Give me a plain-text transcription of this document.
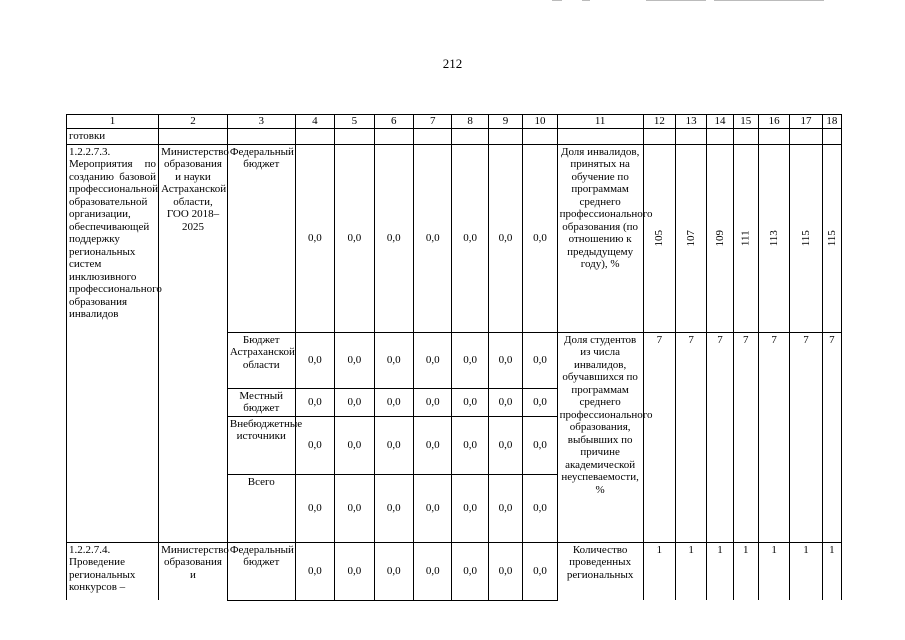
212
1	2	3	4	5	6	7	8	9	10	11	12	13	14	15	16	17	18
готовки																	
1.2.2.7.3. Мероприятия по созданию базовой профессиональной образовательной организации, обеспечивающей поддержку региональных систем инклюзивного профессионального образования инвалидов	Министерство образования и науки Астраханской области, ГОО 2018–2025	Федеральный бюджет	0,0	0,0	0,0	0,0	0,0	0,0	0,0	Доля инвалидов, принятых на обучение по программам среднего профессионального образования (по отношению к предыдущему году), %	105	107	109	111	113	115	115
		Бюджет Астраханской области	0,0	0,0	0,0	0,0	0,0	0,0	0,0	Доля студентов из числа инвалидов, обучавшихся по программам среднего профессионального образования, выбывших по причине академической неуспеваемости, %	7	7	7	7	7	7	7
		Местный бюджет	0,0	0,0	0,0	0,0	0,0	0,0	0,0								
		Внебюджетные источники	0,0	0,0	0,0	0,0	0,0	0,0	0,0								
		Всего	0,0	0,0	0,0	0,0	0,0	0,0	0,0								
1.2.2.7.4. Проведение региональных конкурсов –	Министерство образования и	Федеральный бюджет	0,0	0,0	0,0	0,0	0,0	0,0	0,0	Количество проведенных региональных	1	1	1	1	1	1	1
